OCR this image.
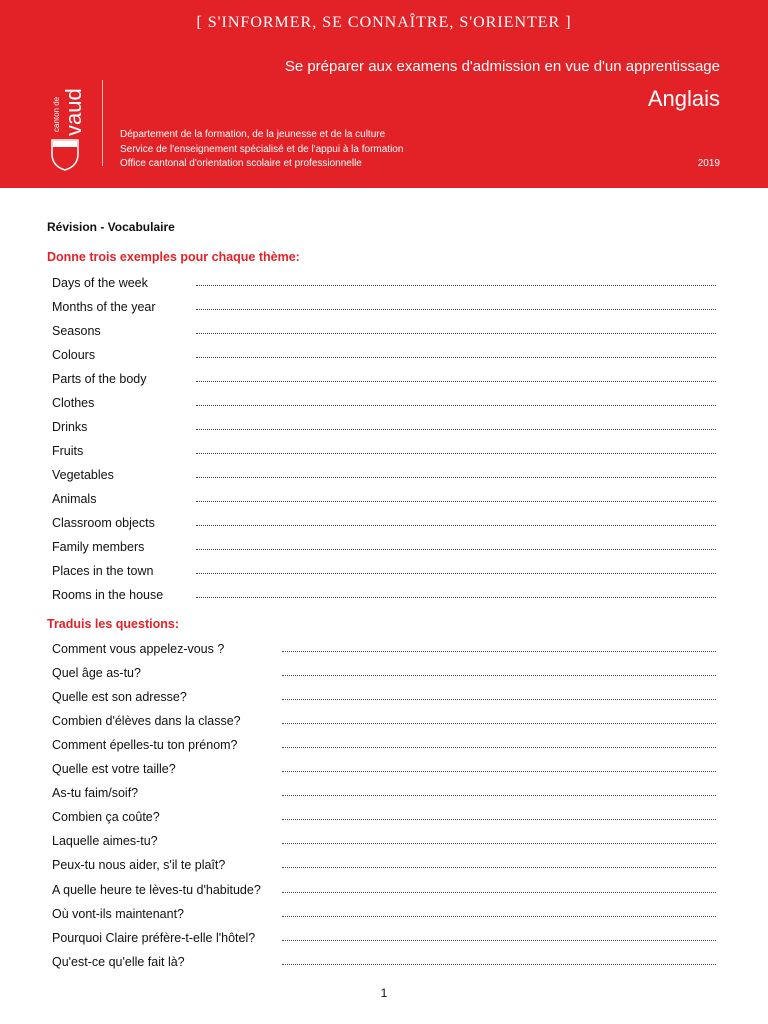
[ S'INFORMER, SE CONNAÎTRE, S'ORIENTER ]
Se préparer aux examens d'admission en vue d'un apprentissage
Anglais
canton de vaud	Département de la formation, de la jeunesse et de la culture
Service de l'enseignement spécialisé et de l'appui à la formation
Office cantonal d'orientation scolaire et professionnelle	2019
Révision - Vocabulaire
Donne trois exemples pour chaque thème:
Days of the week
Months of the year
Seasons
Colours
Parts of the body
Clothes
Drinks
Fruits
Vegetables
Animals
Classroom objects
Family members
Places in the town
Rooms in the house
Traduis les questions:
Comment vous appelez-vous ?
Quel âge as-tu?
Quelle est son adresse?
Combien d'élèves dans la classe?
Comment épelles-tu ton prénom?
Quelle est votre taille?
As-tu faim/soif?
Combien ça coûte?
Laquelle aimes-tu?
Peux-tu nous aider, s'il te plaît?
A quelle heure te lèves-tu d'habitude?
Où vont-ils maintenant?
Pourquoi Claire préfère-t-elle l'hôtel?
Qu'est-ce qu'elle fait là?
1
